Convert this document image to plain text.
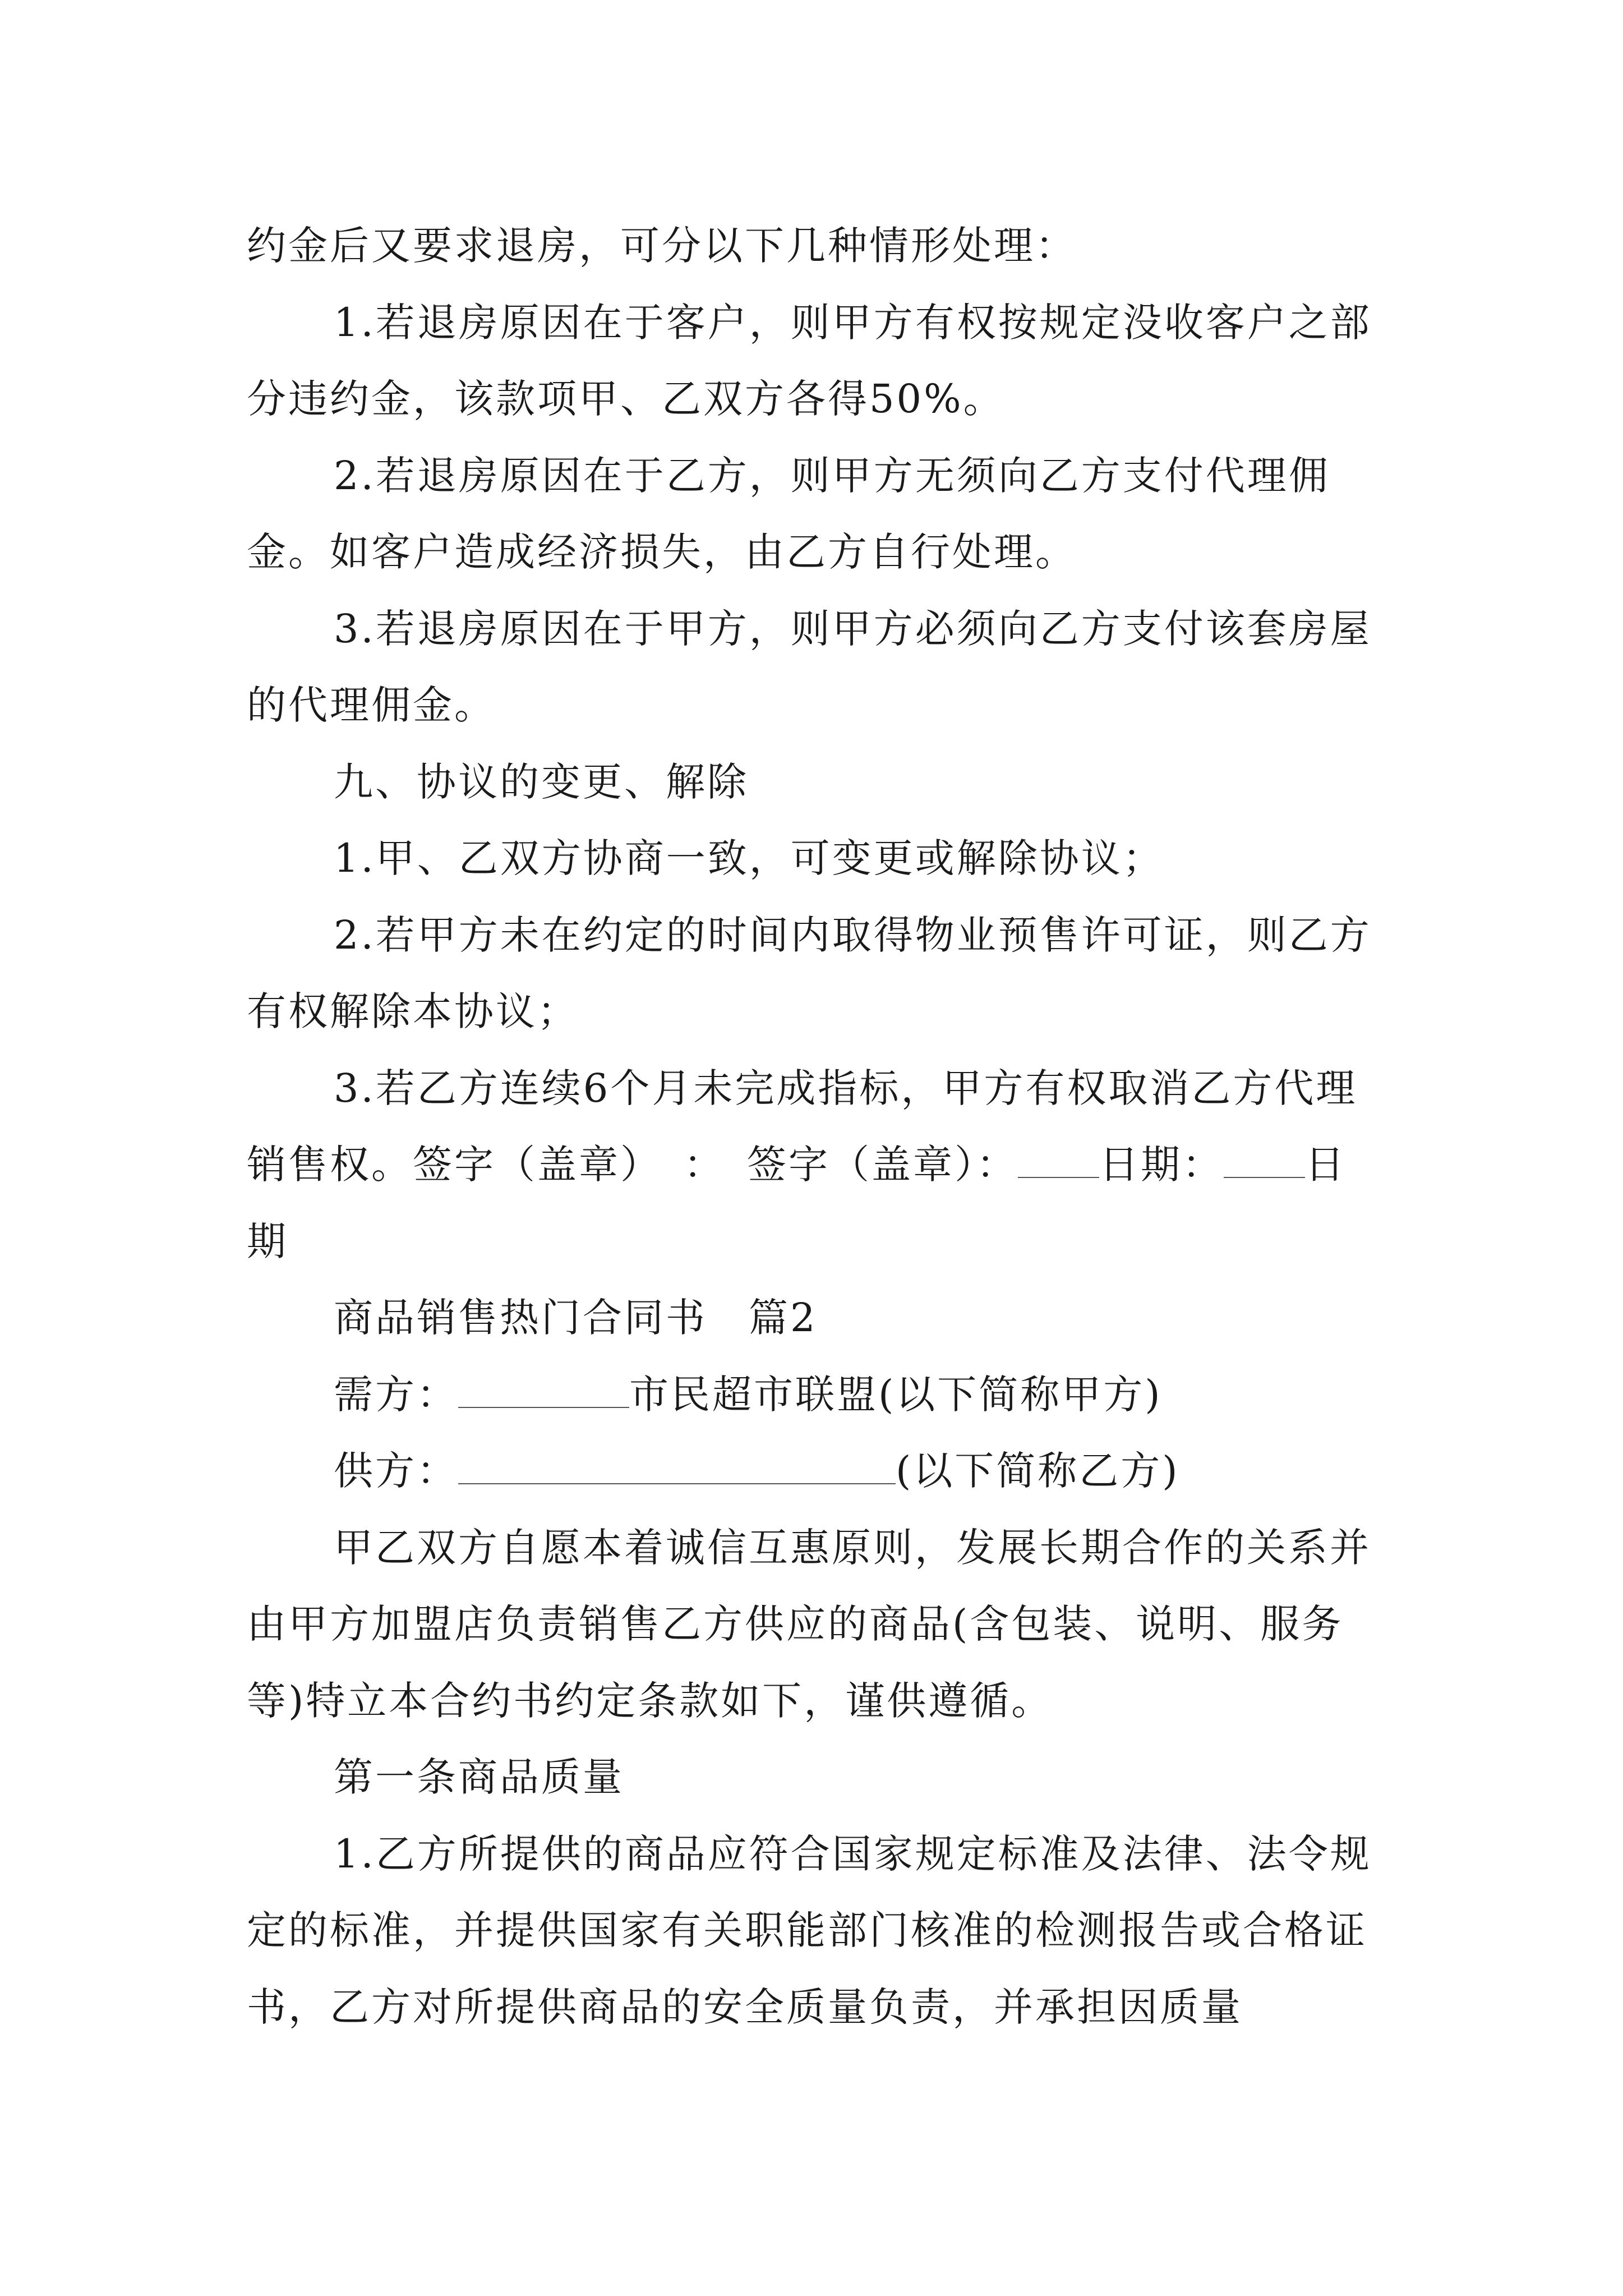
约金后又要求退房，可分以下几种情形处理：

1.若退房原因在于客户，则甲方有权按规定没收客户之部分违约金，该款项甲、乙双方各得50%。

2.若退房原因在于乙方，则甲方无须向乙方支付代理佣金。如客户造成经济损失，由乙方自行处理。

3.若退房原因在于甲方，则甲方必须向乙方支付该套房屋的代理佣金。

九、协议的变更、解除

1.甲、乙双方协商一致，可变更或解除协议；

2.若甲方未在约定的时间内取得物业预售许可证，则乙方有权解除本协议；

3.若乙方连续6个月未完成指标，甲方有权取消乙方代理销售权。签字（盖章）　：　签字（盖章）： 日期： 日期

商品销售热门合同书　篇2

需方：	市民超市联盟(以下简称甲方)

供方：	(以下简称乙方)

甲乙双方自愿本着诚信互惠原则，发展长期合作的关系并由甲方加盟店负责销售乙方供应的商品(含包装、说明、服务等)特立本合约书约定条款如下，谨供遵循。

第一条商品质量

1.乙方所提供的商品应符合国家规定标准及法律、法令规定的标准，并提供国家有关职能部门核准的检测报告或合格证书，乙方对所提供商品的安全质量负责，并承担因质量
